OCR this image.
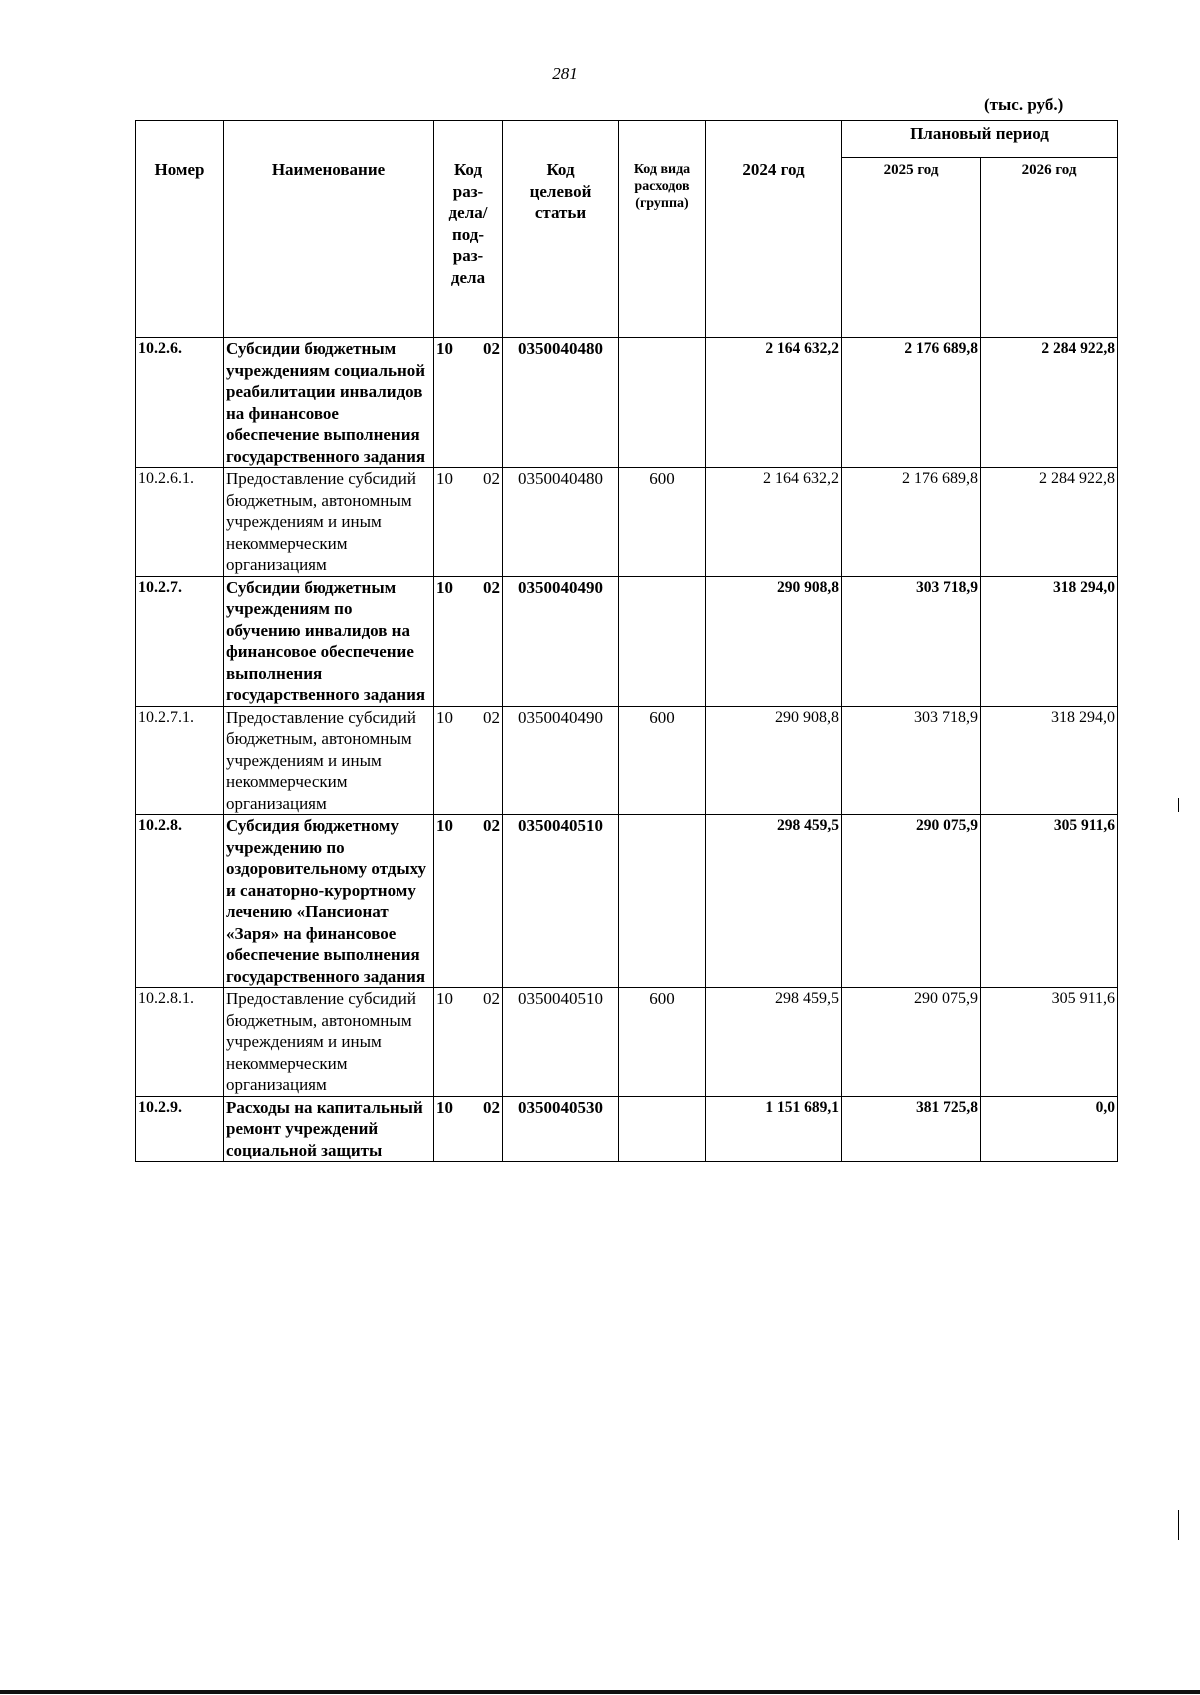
281
(тыс. руб.)
Номер	Наименование	Код раз-дела/ под-раз-дела	Код целевой статьи	Код вида расходов (группа)	2024 год	Плановый период	
						2025 год	2026 год
10.2.6.	Субсидии бюджетным учреждениям социальной реабилитации инвалидов на финансовое обеспечение выполнения государственного задания	10 02	0350040480		2 164 632,2	2 176 689,8	2 284 922,8
10.2.6.1.	Предоставление субсидий бюджетным, автономным учреждениям и иным некоммерческим организациям	10 02	0350040480	600	2 164 632,2	2 176 689,8	2 284 922,8
10.2.7.	Субсидии бюджетным учреждениям по обучению инвалидов на финансовое обеспечение выполнения государственного задания	10 02	0350040490		290 908,8	303 718,9	318 294,0
10.2.7.1.	Предоставление субсидий бюджетным, автономным учреждениям и иным некоммерческим организациям	10 02	0350040490	600	290 908,8	303 718,9	318 294,0
10.2.8.	Субсидия бюджетному учреждению по оздоровительному отдыху и санаторно-курортному лечению «Пансионат «Заря» на финансовое обеспечение выполнения государственного задания	10 02	0350040510		298 459,5	290 075,9	305 911,6
10.2.8.1.	Предоставление субсидий бюджетным, автономным учреждениям и иным некоммерческим организациям	10 02	0350040510	600	298 459,5	290 075,9	305 911,6
10.2.9.	Расходы на капитальный ремонт учреждений социальной защиты	10 02	0350040530		1 151 689,1	381 725,8	0,0
